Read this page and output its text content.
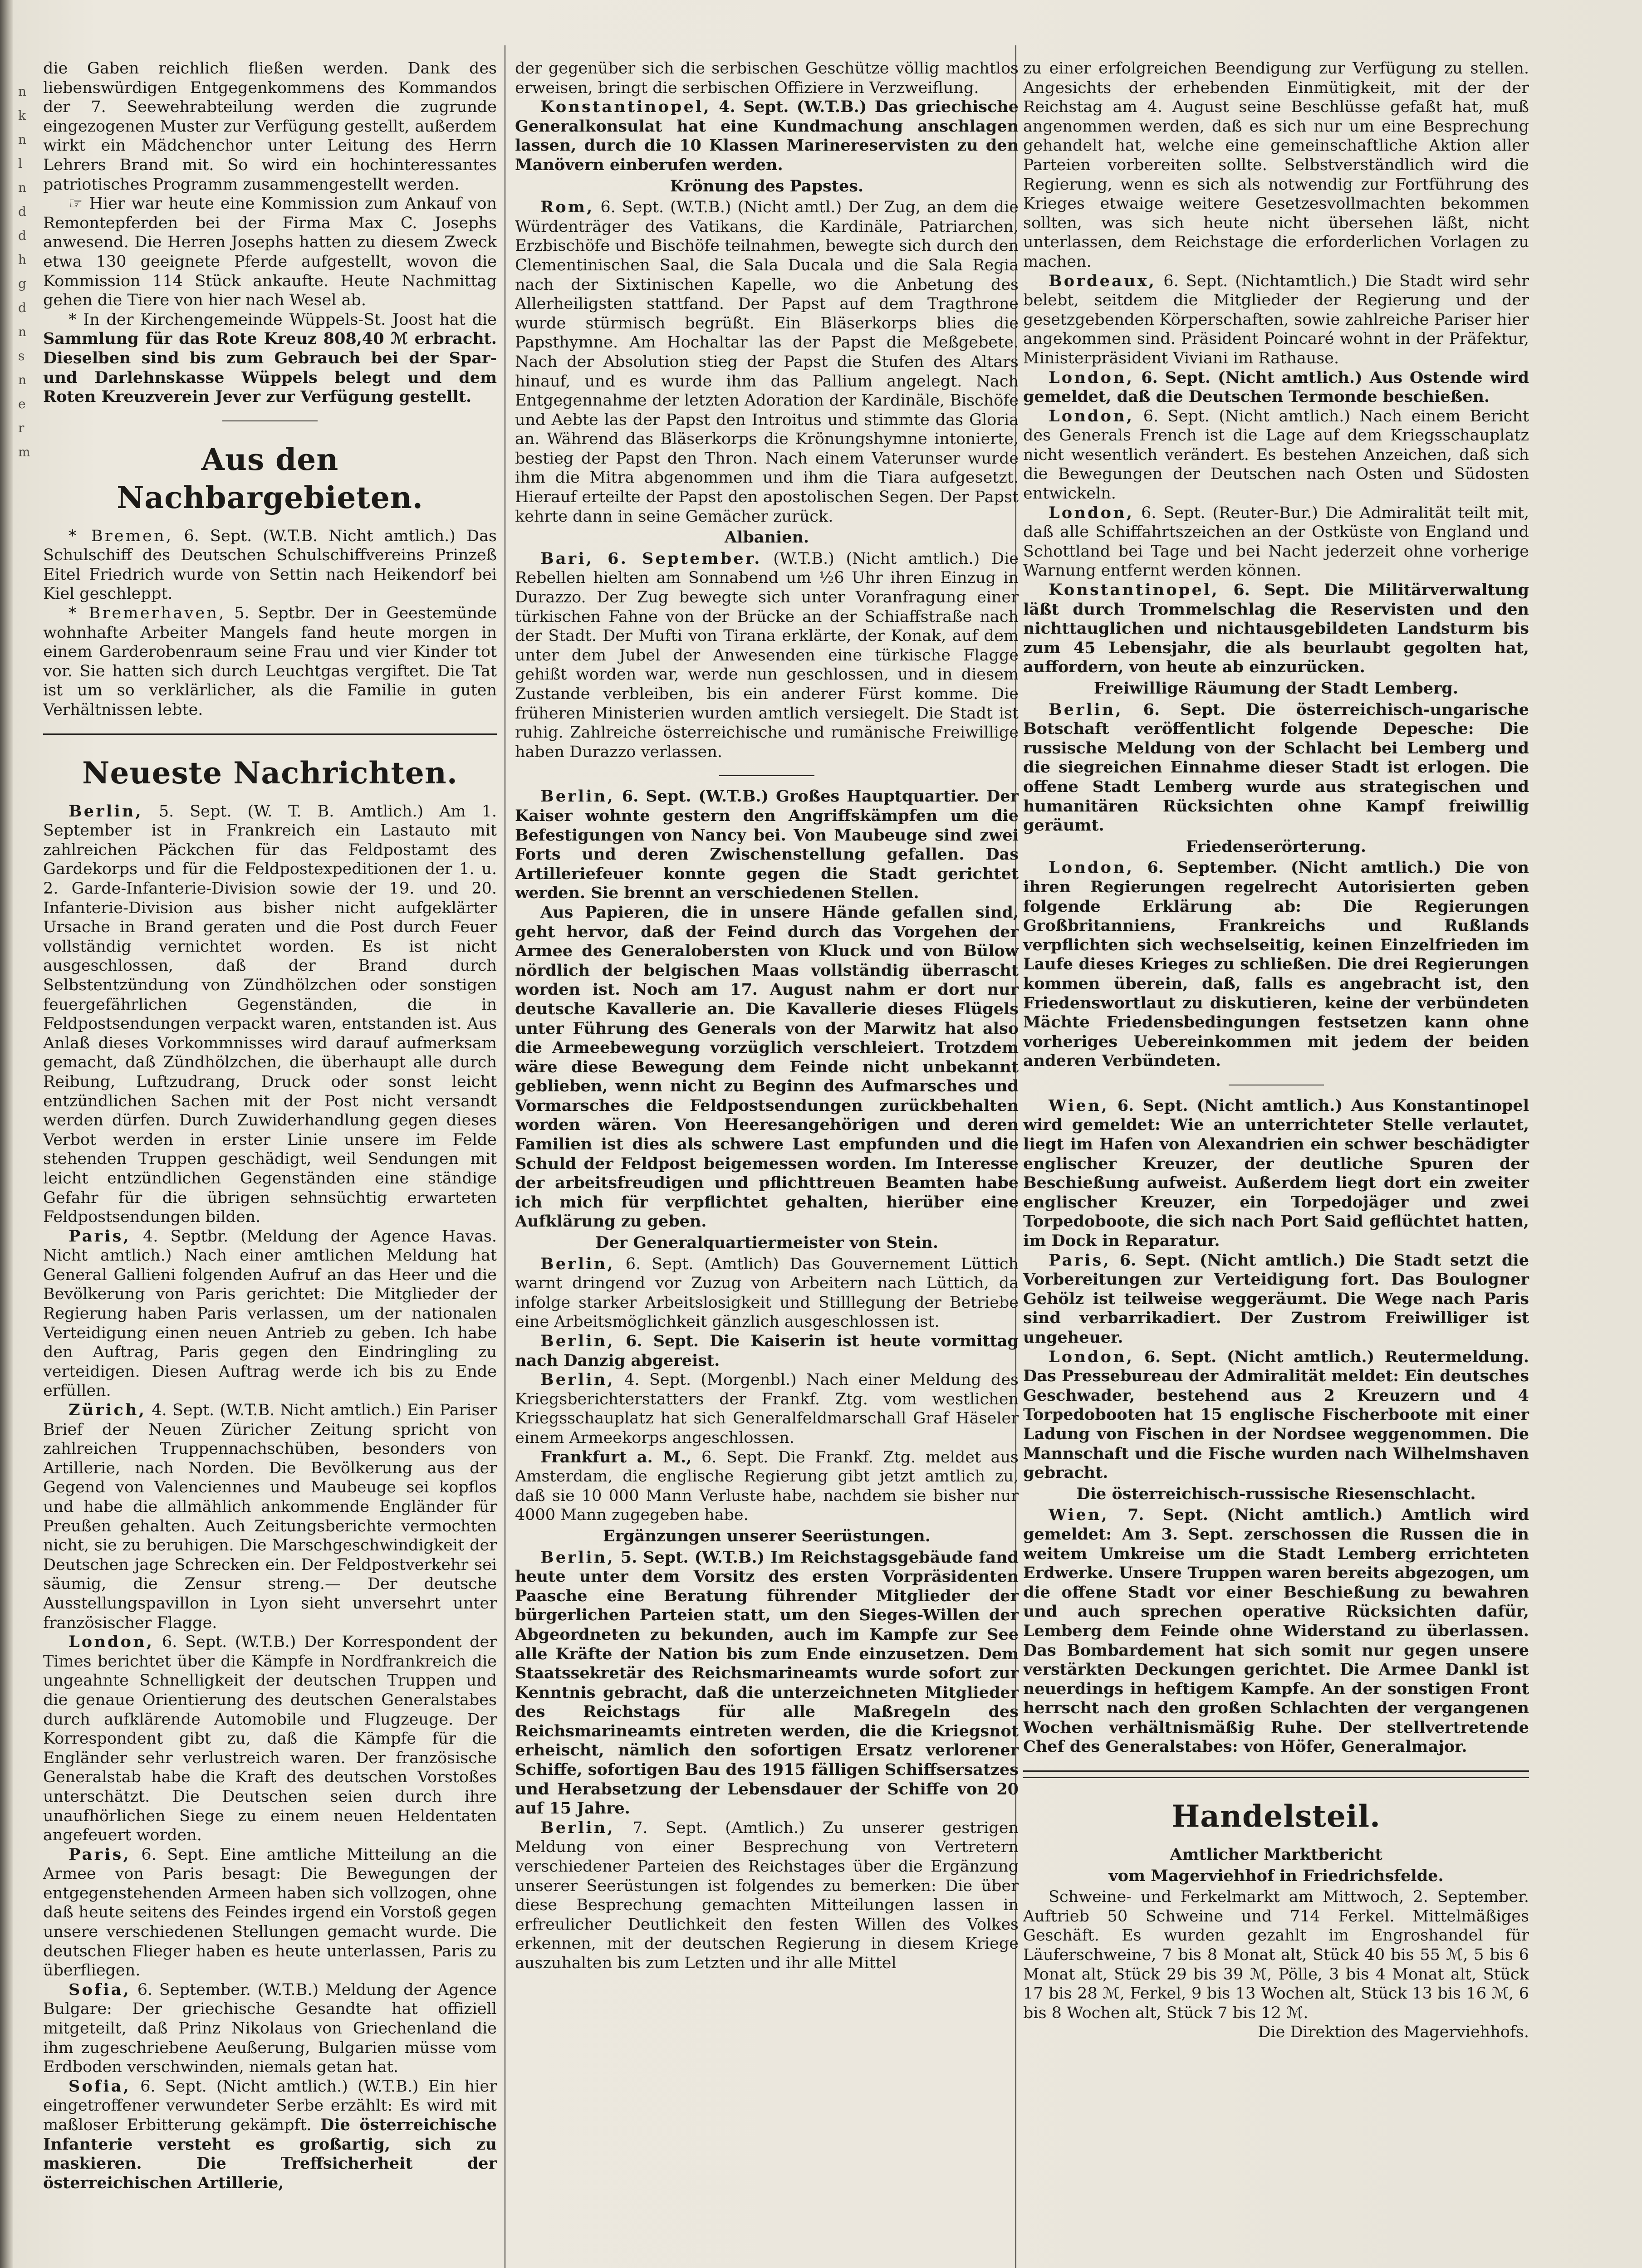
n
k
n
l
n
d
d
h
g
d
n
s
n
e
r
m

die Gaben reichlich fließen werden. Dank des liebenswürdigen Entgegenkommens des Kommandos der 7. Seewehrabteilung werden die zugrunde eingezogenen Muster zur Verfügung gestellt, außerdem wirkt ein Mädchenchor unter Leitung des Herrn Lehrers Brand mit. So wird ein hochinteressantes patriotisches Programm zusammengestellt werden.

☞ Hier war heute eine Kommission zum Ankauf von Remontepferden bei der Firma Max C. Josephs anwesend. Die Herren Josephs hatten zu diesem Zweck etwa 130 geeignete Pferde aufgestellt, wovon die Kommission 114 Stück ankaufte. Heute Nachmittag gehen die Tiere von hier nach Wesel ab.

* In der Kirchengemeinde Wüppels-St. Joost hat die Sammlung für das Rote Kreuz 808,40 ℳ erbracht. Dieselben sind bis zum Gebrauch bei der Spar- und Darlehnskasse Wüppels belegt und dem Roten Kreuzverein Jever zur Verfügung gestellt.

Aus den Nachbargebieten.

* Bremen, 6. Sept. (W.T.B. Nicht amtlich.) Das Schulschiff des Deutschen Schulschiffvereins Prinzeß Eitel Friedrich wurde von Settin nach Heikendorf bei Kiel geschleppt.

* Bremerhaven, 5. Septbr. Der in Geestemünde wohnhafte Arbeiter Mangels fand heute morgen in einem Garderobenraum seine Frau und vier Kinder tot vor. Sie hatten sich durch Leuchtgas vergiftet. Die Tat ist um so verklärlicher, als die Familie in guten Verhältnissen lebte.

Neueste Nachrichten.

Berlin, 5. Sept. (W. T. B. Amtlich.) Am 1. September ist in Frankreich ein Lastauto mit zahlreichen Päckchen für das Feldpostamt des Gardekorps und für die Feldpostexpeditionen der 1. u. 2. Garde-Infanterie-Division sowie der 19. und 20. Infanterie-Division aus bisher nicht aufgeklärter Ursache in Brand geraten und die Post durch Feuer vollständig vernichtet worden. Es ist nicht ausgeschlossen, daß der Brand durch Selbstentzündung von Zündhölzchen oder sonstigen feuergefährlichen Gegenständen, die in Feldpostsendungen verpackt waren, entstanden ist. Aus Anlaß dieses Vorkommnisses wird darauf aufmerksam gemacht, daß Zündhölzchen, die überhaupt alle durch Reibung, Luftzudrang, Druck oder sonst leicht entzündlichen Sachen mit der Post nicht versandt werden dürfen. Durch Zuwiderhandlung gegen dieses Verbot werden in erster Linie unsere im Felde stehenden Truppen geschädigt, weil Sendungen mit leicht entzündlichen Gegenständen eine ständige Gefahr für die übrigen sehnsüchtig erwarteten Feldpostsendungen bilden.

Paris, 4. Septbr. (Meldung der Agence Havas. Nicht amtlich.) Nach einer amtlichen Meldung hat General Gallieni folgenden Aufruf an das Heer und die Bevölkerung von Paris gerichtet: Die Mitglieder der Regierung haben Paris verlassen, um der nationalen Verteidigung einen neuen Antrieb zu geben. Ich habe den Auftrag, Paris gegen den Eindringling zu verteidigen. Diesen Auftrag werde ich bis zu Ende erfüllen.

Zürich, 4. Sept. (W.T.B. Nicht amtlich.) Ein Pariser Brief der Neuen Züricher Zeitung spricht von zahlreichen Truppennachschüben, besonders von Artillerie, nach Norden. Die Bevölkerung aus der Gegend von Valenciennes und Maubeuge sei kopflos und habe die allmählich ankommende Engländer für Preußen gehalten. Auch Zeitungsberichte vermochten nicht, sie zu beruhigen. Die Marschgeschwindigkeit der Deutschen jage Schrecken ein. Der Feldpostverkehr sei säumig, die Zensur streng.— Der deutsche Ausstellungspavillon in Lyon sieht unversehrt unter französischer Flagge.

London, 6. Sept. (W.T.B.) Der Korrespondent der Times berichtet über die Kämpfe in Nordfrankreich die ungeahnte Schnelligkeit der deutschen Truppen und die genaue Orientierung des deutschen Generalstabes durch aufklärende Automobile und Flugzeuge. Der Korrespondent gibt zu, daß die Kämpfe für die Engländer sehr verlustreich waren. Der französische Generalstab habe die Kraft des deutschen Vorstoßes unterschätzt. Die Deutschen seien durch ihre unaufhörlichen Siege zu einem neuen Heldentaten angefeuert worden.

Paris, 6. Sept. Eine amtliche Mitteilung an die Armee von Paris besagt: Die Bewegungen der entgegenstehenden Armeen haben sich vollzogen, ohne daß heute seitens des Feindes irgend ein Vorstoß gegen unsere verschiedenen Stellungen gemacht wurde. Die deutschen Flieger haben es heute unterlassen, Paris zu überfliegen.

Sofia, 6. September. (W.T.B.) Meldung der Agence Bulgare: Der griechische Gesandte hat offiziell mitgeteilt, daß Prinz Nikolaus von Griechenland die ihm zugeschriebene Aeußerung, Bulgarien müsse vom Erdboden verschwinden, niemals getan hat.

Sofia, 6. Sept. (Nicht amtlich.) (W.T.B.) Ein hier eingetroffener verwundeter Serbe erzählt: Es wird mit maßloser Erbitterung gekämpft. Die österreichische Infanterie versteht es großartig, sich zu maskieren. Die Treffsicherheit der österreichischen Artillerie,

der gegenüber sich die serbischen Geschütze völlig machtlos erweisen, bringt die serbischen Offiziere in Verzweiflung.

Konstantinopel, 4. Sept. (W.T.B.) Das griechische Generalkonsulat hat eine Kundmachung anschlagen lassen, durch die 10 Klassen Marinereservisten zu den Manövern einberufen werden.

Krönung des Papstes.

Rom, 6. Sept. (W.T.B.) (Nicht amtl.) Der Zug, an dem die Würdenträger des Vatikans, die Kardinäle, Patriarchen, Erzbischöfe und Bischöfe teilnahmen, bewegte sich durch den Clementinischen Saal, die Sala Ducala und die Sala Regia nach der Sixtinischen Kapelle, wo die Anbetung des Allerheiligsten stattfand. Der Papst auf dem Tragthrone wurde stürmisch begrüßt. Ein Bläserkorps blies die Papsthymne. Am Hochaltar las der Papst die Meßgebete. Nach der Absolution stieg der Papst die Stufen des Altars hinauf, und es wurde ihm das Pallium angelegt. Nach Entgegennahme der letzten Adoration der Kardinäle, Bischöfe und Aebte las der Papst den Introitus und stimmte das Gloria an. Während das Bläserkorps die Krönungshymne intonierte, bestieg der Papst den Thron. Nach einem Vaterunser wurde ihm die Mitra abgenommen und ihm die Tiara aufgesetzt. Hierauf erteilte der Papst den apostolischen Segen. Der Papst kehrte dann in seine Gemächer zurück.

Albanien.

Bari, 6. September. (W.T.B.) (Nicht amtlich.) Die Rebellen hielten am Sonnabend um ½6 Uhr ihren Einzug in Durazzo. Der Zug bewegte sich unter Voranfragung einer türkischen Fahne von der Brücke an der Schiaffstraße nach der Stadt. Der Mufti von Tirana erklärte, der Konak, auf dem unter dem Jubel der Anwesenden eine türkische Flagge gehißt worden war, werde nun geschlossen, und in diesem Zustande verbleiben, bis ein anderer Fürst komme. Die früheren Ministerien wurden amtlich versiegelt. Die Stadt ist ruhig. Zahlreiche österreichische und rumänische Freiwillige haben Durazzo verlassen.

Berlin, 6. Sept. (W.T.B.) Großes Hauptquartier. Der Kaiser wohnte gestern den Angriffskämpfen um die Befestigungen von Nancy bei. Von Maubeuge sind zwei Forts und deren Zwischenstellung gefallen. Das Artilleriefeuer konnte gegen die Stadt gerichtet werden. Sie brennt an verschiedenen Stellen.

Aus Papieren, die in unsere Hände gefallen sind, geht hervor, daß der Feind durch das Vorgehen der Armee des Generalobersten von Kluck und von Bülow nördlich der belgischen Maas vollständig überrascht worden ist. Noch am 17. August nahm er dort nur deutsche Kavallerie an. Die Kavallerie dieses Flügels unter Führung des Generals von der Marwitz hat also die Armeebewegung vorzüglich verschleiert. Trotzdem wäre diese Bewegung dem Feinde nicht unbekannt geblieben, wenn nicht zu Beginn des Aufmarsches und Vormarsches die Feldpostsendungen zurückbehalten worden wären. Von Heeresangehörigen und deren Familien ist dies als schwere Last empfunden und die Schuld der Feldpost beigemessen worden. Im Interesse der arbeitsfreudigen und pflichttreuen Beamten habe ich mich für verpflichtet gehalten, hierüber eine Aufklärung zu geben.

Der Generalquartiermeister von Stein.

Berlin, 6. Sept. (Amtlich) Das Gouvernement Lüttich warnt dringend vor Zuzug von Arbeitern nach Lüttich, da infolge starker Arbeitslosigkeit und Stilllegung der Betriebe eine Arbeitsmöglichkeit gänzlich ausgeschlossen ist.

Berlin, 6. Sept. Die Kaiserin ist heute vormittag nach Danzig abgereist.

Berlin, 4. Sept. (Morgenbl.) Nach einer Meldung des Kriegsberichterstatters der Frankf. Ztg. vom westlichen Kriegsschauplatz hat sich Generalfeldmarschall Graf Häseler einem Armeekorps angeschlossen.

Frankfurt a. M., 6. Sept. Die Frankf. Ztg. meldet aus Amsterdam, die englische Regierung gibt jetzt amtlich zu, daß sie 10 000 Mann Verluste habe, nachdem sie bisher nur 4000 Mann zugegeben habe.

Ergänzungen unserer Seerüstungen.

Berlin, 5. Sept. (W.T.B.) Im Reichstagsgebäude fand heute unter dem Vorsitz des ersten Vorpräsidenten Paasche eine Beratung führender Mitglieder der bürgerlichen Parteien statt, um den Sieges-Willen der Abgeordneten zu bekunden, auch im Kampfe zur See alle Kräfte der Nation bis zum Ende einzusetzen. Dem Staatssekretär des Reichsmarineamts wurde sofort zur Kenntnis gebracht, daß die unterzeichneten Mitglieder des Reichstags für alle Maßregeln des Reichsmarineamts eintreten werden, die die Kriegsnot erheischt, nämlich den sofortigen Ersatz verlorener Schiffe, sofortigen Bau des 1915 fälligen Schiffsersatzes und Herabsetzung der Lebensdauer der Schiffe von 20 auf 15 Jahre.

Berlin, 7. Sept. (Amtlich.) Zu unserer gestrigen Meldung von einer Besprechung von Vertretern verschiedener Parteien des Reichstages über die Ergänzung unserer Seerüstungen ist folgendes zu bemerken: Die über diese Besprechung gemachten Mitteilungen lassen in erfreulicher Deutlichkeit den festen Willen des Volkes erkennen, mit der deutschen Regierung in diesem Kriege auszuhalten bis zum Letzten und ihr alle Mittel

zu einer erfolgreichen Beendigung zur Verfügung zu stellen. Angesichts der erhebenden Einmütigkeit, mit der der Reichstag am 4. August seine Beschlüsse gefaßt hat, muß angenommen werden, daß es sich nur um eine Besprechung gehandelt hat, welche eine gemeinschaftliche Aktion aller Parteien vorbereiten sollte. Selbstverständlich wird die Regierung, wenn es sich als notwendig zur Fortführung des Krieges etwaige weitere Gesetzesvollmachten bekommen sollten, was sich heute nicht übersehen läßt, nicht unterlassen, dem Reichstage die erforderlichen Vorlagen zu machen.

Bordeaux, 6. Sept. (Nichtamtlich.) Die Stadt wird sehr belebt, seitdem die Mitglieder der Regierung und der gesetzgebenden Körperschaften, sowie zahlreiche Pariser hier angekommen sind. Präsident Poincaré wohnt in der Präfektur, Ministerpräsident Viviani im Rathause.

London, 6. Sept. (Nicht amtlich.) Aus Ostende wird gemeldet, daß die Deutschen Termonde beschießen.

London, 6. Sept. (Nicht amtlich.) Nach einem Bericht des Generals French ist die Lage auf dem Kriegsschauplatz nicht wesentlich verändert. Es bestehen Anzeichen, daß sich die Bewegungen der Deutschen nach Osten und Südosten entwickeln.

London, 6. Sept. (Reuter-Bur.) Die Admiralität teilt mit, daß alle Schiffahrtszeichen an der Ostküste von England und Schottland bei Tage und bei Nacht jederzeit ohne vorherige Warnung entfernt werden können.

Konstantinopel, 6. Sept. Die Militärverwaltung läßt durch Trommelschlag die Reservisten und den nichttauglichen und nichtausgebildeten Landsturm bis zum 45 Lebensjahr, die als beurlaubt gegolten hat, auffordern, von heute ab einzurücken.

Freiwillige Räumung der Stadt Lemberg.

Berlin, 6. Sept. Die österreichisch-ungarische Botschaft veröffentlicht folgende Depesche: Die russische Meldung von der Schlacht bei Lemberg und die siegreichen Einnahme dieser Stadt ist erlogen. Die offene Stadt Lemberg wurde aus strategischen und humanitären Rücksichten ohne Kampf freiwillig geräumt.

Friedenserörterung.

London, 6. September. (Nicht amtlich.) Die von ihren Regierungen regelrecht Autorisierten geben folgende Erklärung ab: Die Regierungen Großbritanniens, Frankreichs und Rußlands verpflichten sich wechselseitig, keinen Einzelfrieden im Laufe dieses Krieges zu schließen. Die drei Regierungen kommen überein, daß, falls es angebracht ist, den Friedenswortlaut zu diskutieren, keine der verbündeten Mächte Friedensbedingungen festsetzen kann ohne vorheriges Uebereinkommen mit jedem der beiden anderen Verbündeten.

Wien, 6. Sept. (Nicht amtlich.) Aus Konstantinopel wird gemeldet: Wie an unterrichteter Stelle verlautet, liegt im Hafen von Alexandrien ein schwer beschädigter englischer Kreuzer, der deutliche Spuren der Beschießung aufweist. Außerdem liegt dort ein zweiter englischer Kreuzer, ein Torpedojäger und zwei Torpedoboote, die sich nach Port Said geflüchtet hatten, im Dock in Reparatur.

Paris, 6. Sept. (Nicht amtlich.) Die Stadt setzt die Vorbereitungen zur Verteidigung fort. Das Boulogner Gehölz ist teilweise weggeräumt. Die Wege nach Paris sind verbarrikadiert. Der Zustrom Freiwilliger ist ungeheuer.

London, 6. Sept. (Nicht amtlich.) Reutermeldung. Das Pressebureau der Admiralität meldet: Ein deutsches Geschwader, bestehend aus 2 Kreuzern und 4 Torpedobooten hat 15 englische Fischerboote mit einer Ladung von Fischen in der Nordsee weggenommen. Die Mannschaft und die Fische wurden nach Wilhelmshaven gebracht.

Die österreichisch-russische Riesenschlacht.

Wien, 7. Sept. (Nicht amtlich.) Amtlich wird gemeldet: Am 3. Sept. zerschossen die Russen die in weitem Umkreise um die Stadt Lemberg errichteten Erdwerke. Unsere Truppen waren bereits abgezogen, um die offene Stadt vor einer Beschießung zu bewahren und auch sprechen operative Rücksichten dafür, Lemberg dem Feinde ohne Widerstand zu überlassen. Das Bombardement hat sich somit nur gegen unsere verstärkten Deckungen gerichtet. Die Armee Dankl ist neuerdings in heftigem Kampfe. An der sonstigen Front herrscht nach den großen Schlachten der vergangenen Wochen verhältnismäßig Ruhe. Der stellvertretende Chef des Generalstabes: von Höfer, Generalmajor.

Handelsteil.

Amtlicher Marktbericht

vom Magerviehhof in Friedrichsfelde.

Schweine- und Ferkelmarkt am Mittwoch, 2. September. Auftrieb 50 Schweine und 714 Ferkel. Mittelmäßiges Geschäft. Es wurden gezahlt im Engroshandel für Läuferschweine, 7 bis 8 Monat alt, Stück 40 bis 55 ℳ, 5 bis 6 Monat alt, Stück 29 bis 39 ℳ, Pölle, 3 bis 4 Monat alt, Stück 17 bis 28 ℳ, Ferkel, 9 bis 13 Wochen alt, Stück 13 bis 16 ℳ, 6 bis 8 Wochen alt, Stück 7 bis 12 ℳ.

Die Direktion des Magerviehhofs.
